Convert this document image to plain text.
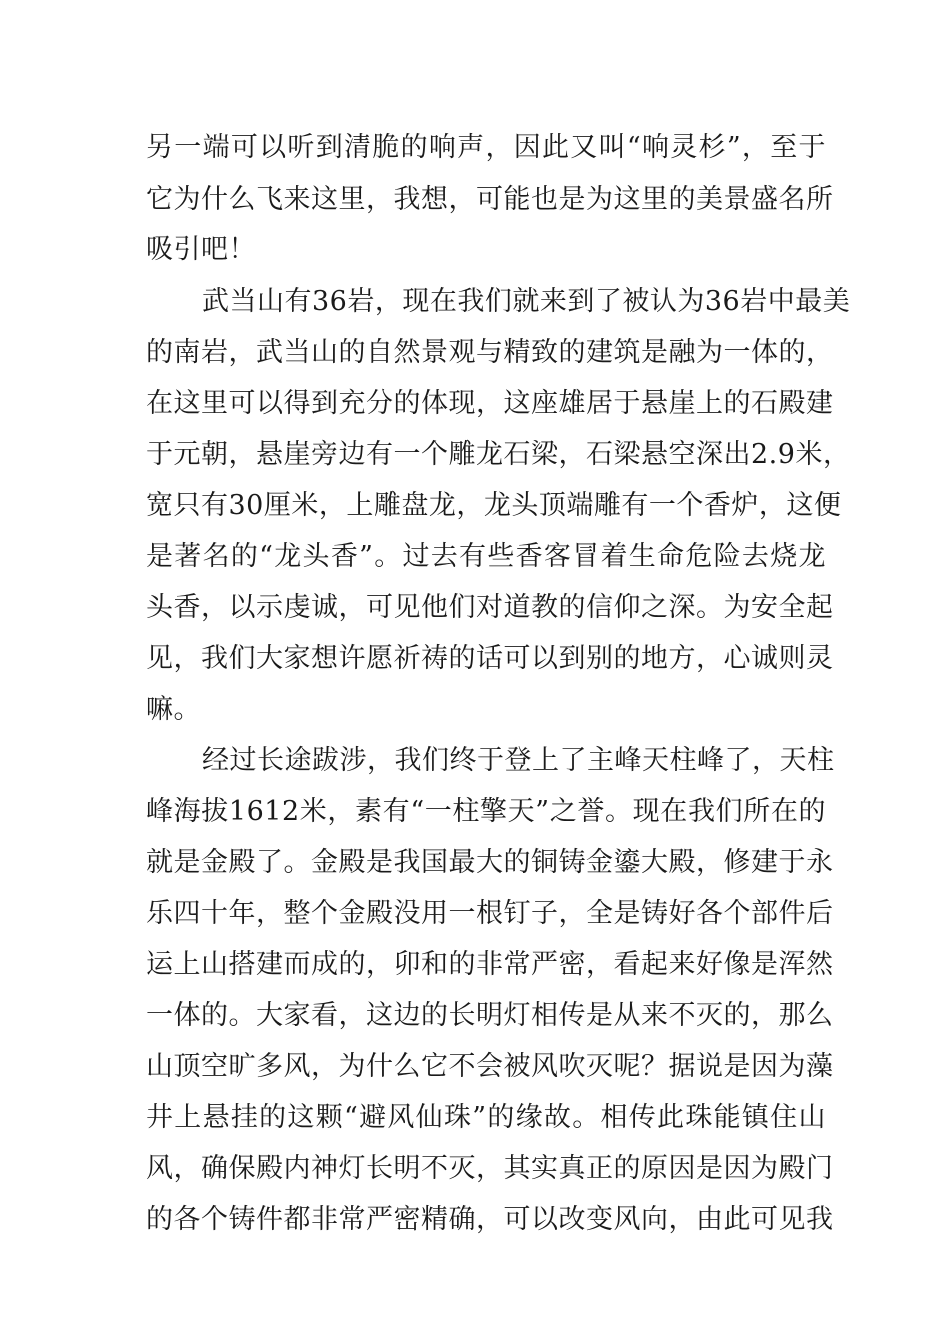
另一端可以听到清脆的响声，因此又叫“响灵杉”，至于
它为什么飞来这里，我想，可能也是为这里的美景盛名所
吸引吧！
武当山有36岩，现在我们就来到了被认为36岩中最美
的南岩，武当山的自然景观与精致的建筑是融为一体的，
在这里可以得到充分的体现，这座雄居于悬崖上的石殿建
于元朝，悬崖旁边有一个雕龙石梁，石梁悬空深出2.9米，
宽只有30厘米，上雕盘龙，龙头顶端雕有一个香炉，这便
是著名的“龙头香”。过去有些香客冒着生命危险去烧龙
头香，以示虔诚，可见他们对道教的信仰之深。为安全起
见，我们大家想许愿祈祷的话可以到别的地方，心诚则灵
嘛。
经过长途跋涉，我们终于登上了主峰天柱峰了，天柱
峰海拔1612米，素有“一柱擎天”之誉。现在我们所在的
就是金殿了。金殿是我国最大的铜铸金鎏大殿，修建于永
乐四十年，整个金殿没用一根钉子，全是铸好各个部件后
运上山搭建而成的，卯和的非常严密，看起来好像是浑然
一体的。大家看，这边的长明灯相传是从来不灭的，那么
山顶空旷多风，为什么它不会被风吹灭呢？据说是因为藻
井上悬挂的这颗“避风仙珠”的缘故。相传此珠能镇住山
风，确保殿内神灯长明不灭，其实真正的原因是因为殿门
的各个铸件都非常严密精确，可以改变风向，由此可见我
